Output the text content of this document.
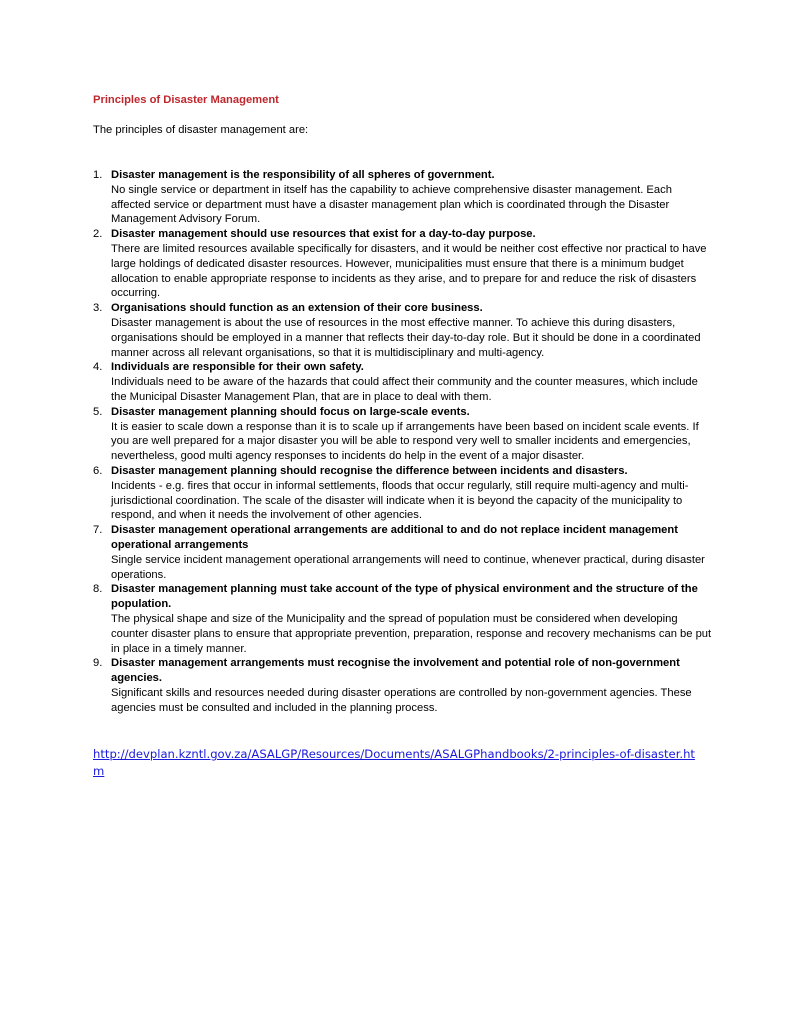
Principles of Disaster Management
The principles of disaster management are:
1. Disaster management is the responsibility of all spheres of government.
No single service or department in itself has the capability to achieve comprehensive disaster management. Each affected service or department must have a disaster management plan which is coordinated through the Disaster Management Advisory Forum.
2. Disaster management should use resources that exist for a day-to-day purpose.
There are limited resources available specifically for disasters, and it would be neither cost effective nor practical to have large holdings of dedicated disaster resources. However, municipalities must ensure that there is a minimum budget allocation to enable appropriate response to incidents as they arise, and to prepare for and reduce the risk of disasters occurring.
3. Organisations should function as an extension of their core business.
Disaster management is about the use of resources in the most effective manner. To achieve this during disasters, organisations should be employed in a manner that reflects their day-to-day role. But it should be done in a coordinated manner across all relevant organisations, so that it is multidisciplinary and multi-agency.
4. Individuals are responsible for their own safety.
Individuals need to be aware of the hazards that could affect their community and the counter measures, which include the Municipal Disaster Management Plan, that are in place to deal with them.
5. Disaster management planning should focus on large-scale events.
It is easier to scale down a response than it is to scale up if arrangements have been based on incident scale events. If you are well prepared for a major disaster you will be able to respond very well to smaller incidents and emergencies, nevertheless, good multi agency responses to incidents do help in the event of a major disaster.
6. Disaster management planning should recognise the difference between incidents and disasters.
Incidents - e.g. fires that occur in informal settlements, floods that occur regularly, still require multi-agency and multi-jurisdictional coordination. The scale of the disaster will indicate when it is beyond the capacity of the municipality to respond, and when it needs the involvement of other agencies.
7. Disaster management operational arrangements are additional to and do not replace incident management operational arrangements
Single service incident management operational arrangements will need to continue, whenever practical, during disaster operations.
8. Disaster management planning must take account of the type of physical environment and the structure of the population.
The physical shape and size of the Municipality and the spread of population must be considered when developing counter disaster plans to ensure that appropriate prevention, preparation, response and recovery mechanisms can be put in place in a timely manner.
9. Disaster management arrangements must recognise the involvement and potential role of non-government agencies.
Significant skills and resources needed during disaster operations are controlled by non-government agencies. These agencies must be consulted and included in the planning process.
http://devplan.kzntl.gov.za/ASALGP/Resources/Documents/ASALGPhandbooks/2-principles-of-disaster.htm
